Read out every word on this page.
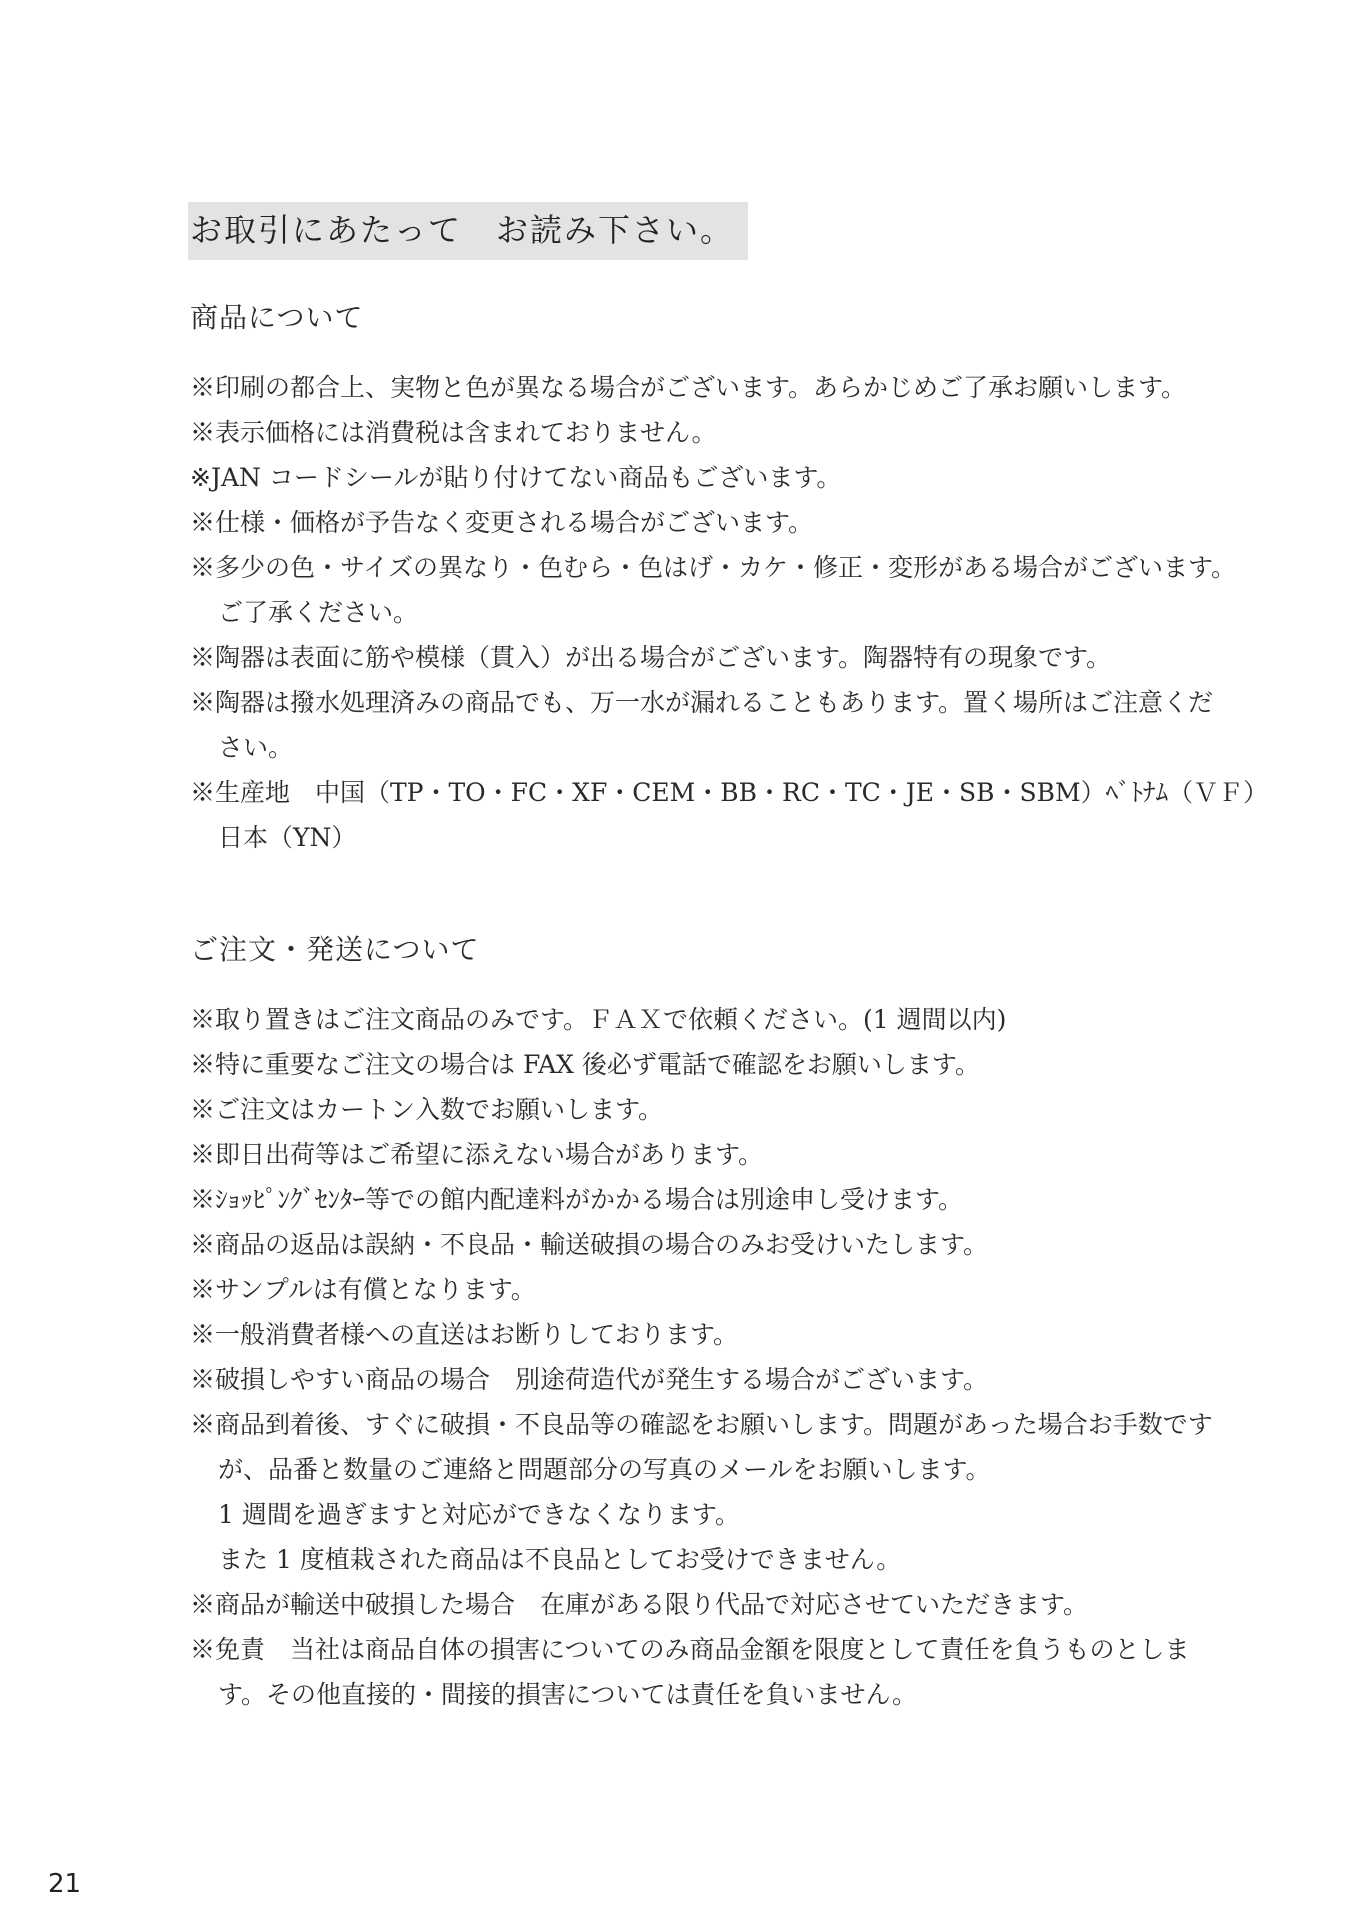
お取引にあたって　お読み下さい。
商品について
※印刷の都合上、実物と色が異なる場合がございます。あらかじめご了承お願いします。
※表示価格には消費税は含まれておりません。
※JAN コードシールが貼り付けてない商品もございます。
※仕様・価格が予告なく変更される場合がございます。
※多少の色・サイズの異なり・色むら・色はげ・カケ・修正・変形がある場合がございます。
ご了承ください。
※陶器は表面に筋や模様（貫入）が出る場合がございます。陶器特有の現象です。
※陶器は撥水処理済みの商品でも、万一水が漏れることもあります。置く場所はご注意くだ
さい。
※生産地　中国（TP・TO・FC・XF・CEM・BB・RC・TC・JE・SB・SBM）ﾍﾞﾄﾅﾑ（ＶＦ）
日本（YN）
ご注文・発送について
※取り置きはご注文商品のみです。ＦＡＸで依頼ください。(1 週間以内)
※特に重要なご注文の場合は FAX 後必ず電話で確認をお願いします。
※ご注文はカートン入数でお願いします。
※即日出荷等はご希望に添えない場合があります。
※ｼｮｯﾋﾟﾝｸﾞｾﾝﾀｰ等での館内配達料がかかる場合は別途申し受けます。
※商品の返品は誤納・不良品・輸送破損の場合のみお受けいたします。
※サンプルは有償となります。
※一般消費者様への直送はお断りしております。
※破損しやすい商品の場合　別途荷造代が発生する場合がございます。
※商品到着後、すぐに破損・不良品等の確認をお願いします。問題があった場合お手数です
が、品番と数量のご連絡と問題部分の写真のメールをお願いします。
1 週間を過ぎますと対応ができなくなります。
また 1 度植栽された商品は不良品としてお受けできません。
※商品が輸送中破損した場合　在庫がある限り代品で対応させていただきます。
※免責　当社は商品自体の損害についてのみ商品金額を限度として責任を負うものとしま
す。その他直接的・間接的損害については責任を負いません。
21
